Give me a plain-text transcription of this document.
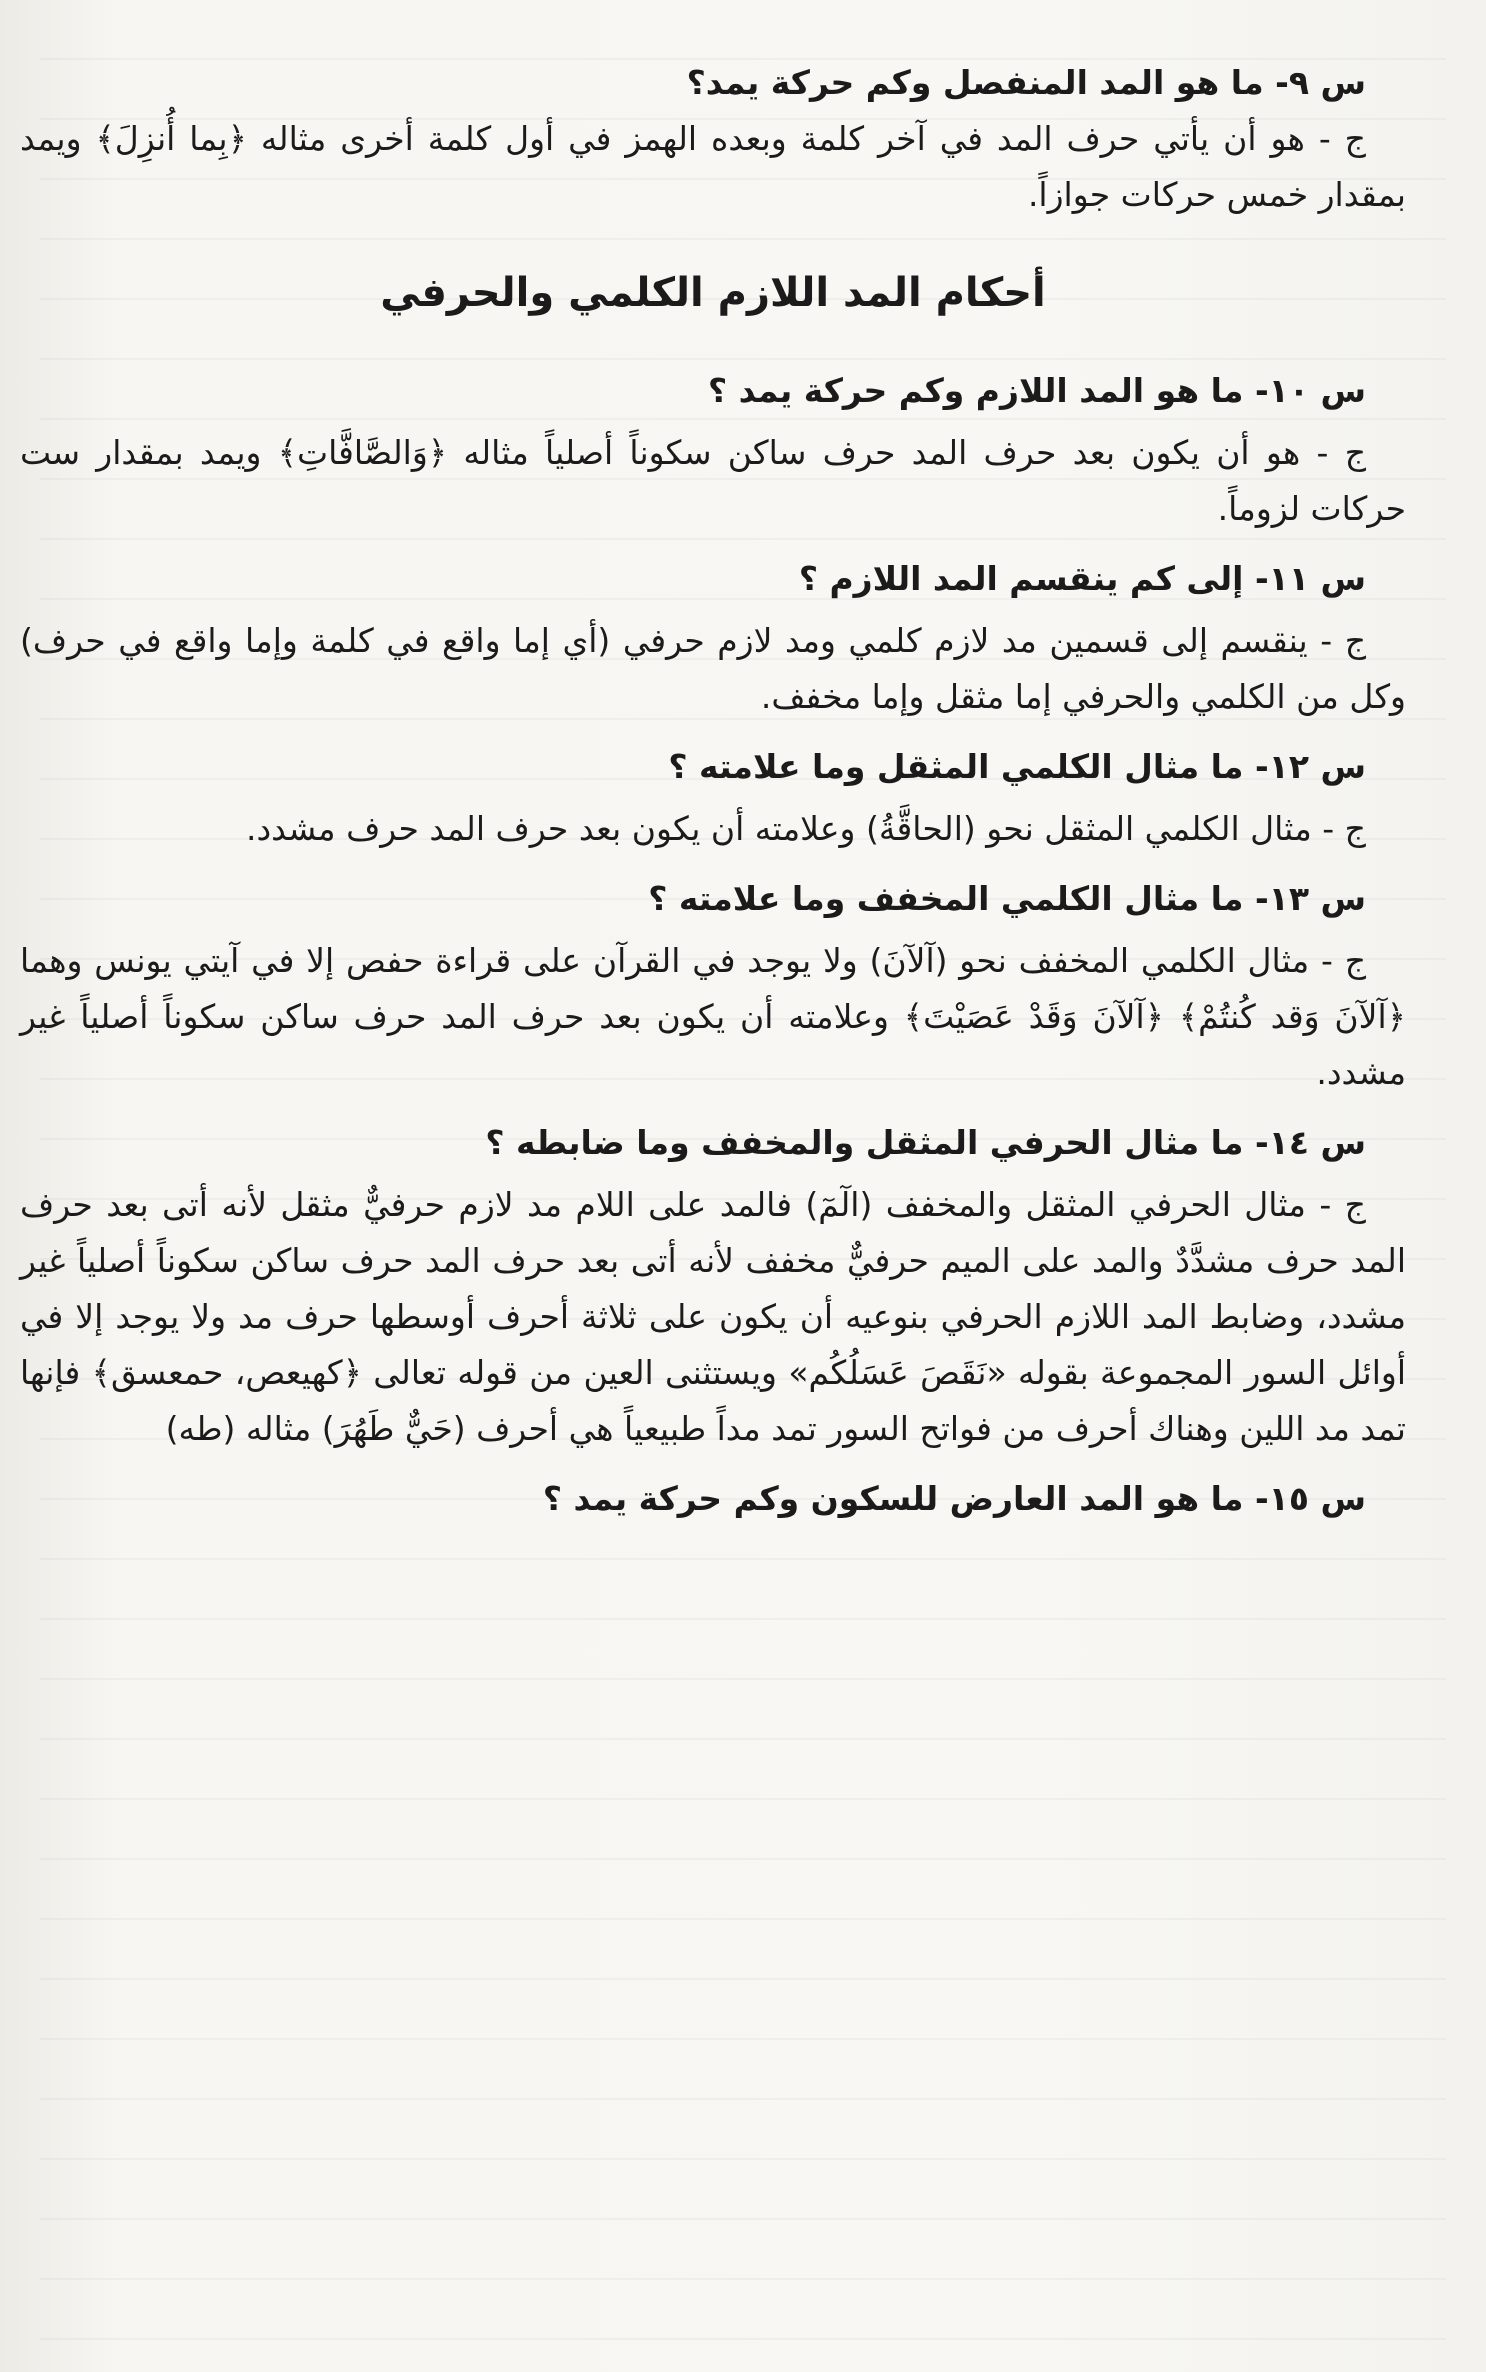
س ٩- ما هو المد المنفصل وكم حركة يمد؟

ج - هو أن يأتي حرف المد في آخر كلمة وبعده الهمز في أول كلمة أخرى مثاله ﴿بِما أُنزِلَ﴾ ويمد بمقدار خمس حركات جوازاً.

أحكام المد اللازم الكلمي والحرفي

س ١٠- ما هو المد اللازم وكم حركة يمد ؟

ج - هو أن يكون بعد حرف المد حرف ساكن سكوناً أصلياً مثاله ﴿وَالصَّافَّاتِ﴾ ويمد بمقدار ست حركات لزوماً.

س ١١- إلى كم ينقسم المد اللازم ؟

ج - ينقسم إلى قسمين مد لازم كلمي ومد لازم حرفي (أي إما واقع في كلمة وإما واقع في حرف) وكل من الكلمي والحرفي إما مثقل وإما مخفف.

س ١٢- ما مثال الكلمي المثقل وما علامته ؟

ج - مثال الكلمي المثقل نحو (الحاقَّةُ) وعلامته أن يكون بعد حرف المد حرف مشدد.

س ١٣- ما مثال الكلمي المخفف وما علامته ؟

ج - مثال الكلمي المخفف نحو (آلآنَ) ولا يوجد في القرآن على قراءة حفص إلا في آيتي يونس وهما ﴿آلآنَ وَقد كُنتُمْ﴾ ﴿آلآنَ وَقَدْ عَصَيْتَ﴾ وعلامته أن يكون بعد حرف المد حرف ساكن سكوناً أصلياً غير مشدد.

س ١٤- ما مثال الحرفي المثقل والمخفف وما ضابطه ؟

ج - مثال الحرفي المثقل والمخفف (الٓمٓ) فالمد على اللام مد لازم حرفيٌّ مثقل لأنه أتى بعد حرف المد حرف مشدَّدٌ والمد على الميم حرفيٌّ مخفف لأنه أتى بعد حرف المد حرف ساكن سكوناً أصلياً غير مشدد، وضابط المد اللازم الحرفي بنوعيه أن يكون على ثلاثة أحرف أوسطها حرف مد ولا يوجد إلا في أوائل السور المجموعة بقوله «نَقَصَ عَسَلُكُم» ويستثنى العين من قوله تعالى ﴿كهيعص، حمعسق﴾ فإنها تمد مد اللين وهناك أحرف من فواتح السور تمد مداً طبيعياً هي أحرف (حَيٌّ طَهُرَ) مثاله (طه)

س ١٥- ما هو المد العارض للسكون وكم حركة يمد ؟
